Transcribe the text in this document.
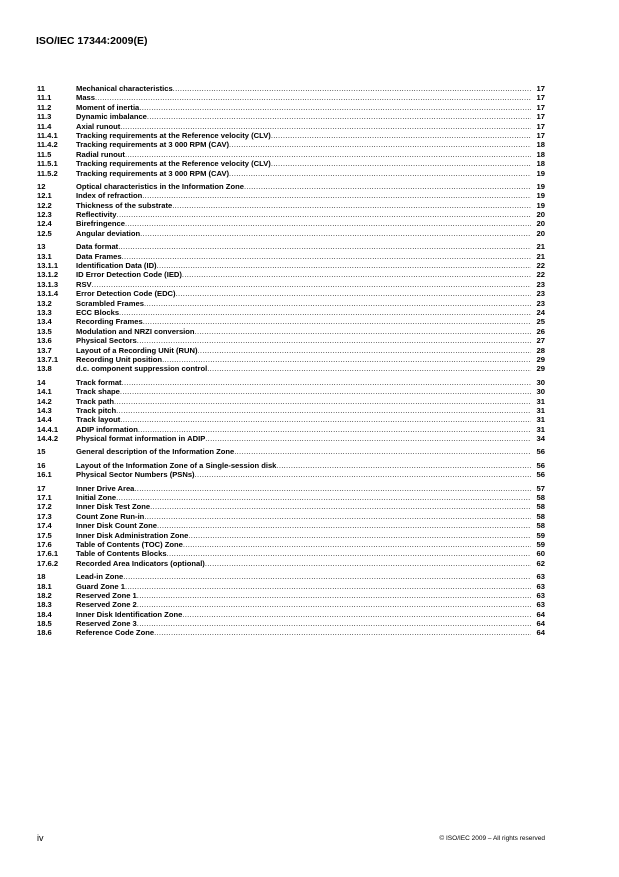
ISO/IEC 17344:2009(E)
11	Mechanical characteristics .....	17
11.1	Mass .....	17
11.2	Moment of inertia .....	17
11.3	Dynamic imbalance .....	17
11.4	Axial runout .....	17
11.4.1	Tracking requirements at the Reference velocity (CLV) .....	17
11.4.2	Tracking requirements at 3 000 RPM (CAV) .....	18
11.5	Radial runout .....	18
11.5.1	Tracking requirements at the Reference velocity (CLV) .....	18
11.5.2	Tracking requirements at 3 000 RPM (CAV) .....	19
12	Optical characteristics in the Information Zone .....	19
12.1	Index of refraction .....	19
12.2	Thickness of the substrate .....	19
12.3	Reflectivity .....	20
12.4	Birefringence .....	20
12.5	Angular deviation .....	20
13	Data format .....	21
13.1	Data Frames .....	21
13.1.1	Identification Data (ID) .....	22
13.1.2	ID Error Detection Code (IED) .....	22
13.1.3	RSV .....	23
13.1.4	Error Detection Code (EDC) .....	23
13.2	Scrambled Frames .....	23
13.3	ECC Blocks .....	24
13.4	Recording Frames .....	25
13.5	Modulation and NRZI conversion .....	26
13.6	Physical Sectors .....	27
13.7	Layout of a Recording UNit (RUN) .....	28
13.7.1	Recording Unit position .....	29
13.8	d.c. component suppression control .....	29
14	Track format .....	30
14.1	Track shape .....	30
14.2	Track path .....	31
14.3	Track pitch .....	31
14.4	Track layout .....	31
14.4.1	ADIP information .....	31
14.4.2	Physical format information in ADIP .....	34
15	General description of the Information Zone .....	56
16	Layout of the Information Zone of a Single-session disk .....	56
16.1	Physical Sector Numbers (PSNs) .....	56
17	Inner Drive Area .....	57
17.1	Initial Zone .....	58
17.2	Inner Disk Test Zone .....	58
17.3	Count Zone Run-in .....	58
17.4	Inner Disk Count Zone .....	58
17.5	Inner Disk Administration Zone .....	59
17.6	Table of Contents (TOC) Zone .....	59
17.6.1	Table of Contents Blocks .....	60
17.6.2	Recorded Area Indicators (optional) .....	62
18	Lead-in Zone .....	63
18.1	Guard Zone 1 .....	63
18.2	Reserved Zone 1 .....	63
18.3	Reserved Zone 2 .....	63
18.4	Inner Disk Identification Zone .....	64
18.5	Reserved Zone 3 .....	64
18.6	Reference Code Zone .....	64
iv	© ISO/IEC 2009 – All rights reserved
